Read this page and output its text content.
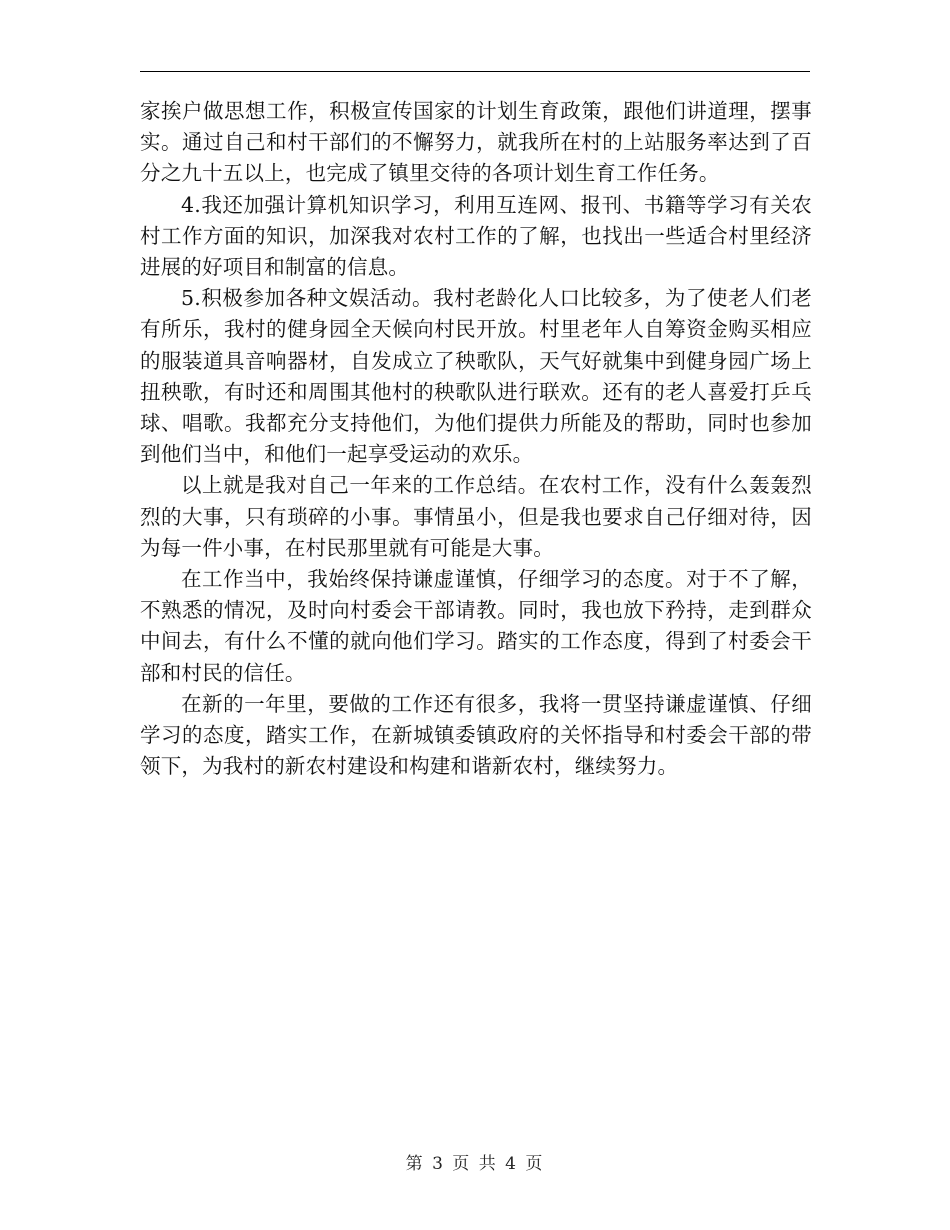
家挨户做思想工作，积极宣传国家的计划生育政策，跟他们讲道理，摆事实。通过自己和村干部们的不懈努力，就我所在村的上站服务率达到了百分之九十五以上，也完成了镇里交待的各项计划生育工作任务。

4.我还加强计算机知识学习，利用互连网、报刊、书籍等学习有关农村工作方面的知识，加深我对农村工作的了解，也找出一些适合村里经济进展的好项目和制富的信息。

5.积极参加各种文娱活动。我村老龄化人口比较多，为了使老人们老有所乐，我村的健身园全天候向村民开放。村里老年人自筹资金购买相应的服装道具音响器材，自发成立了秧歌队，天气好就集中到健身园广场上扭秧歌，有时还和周围其他村的秧歌队进行联欢。还有的老人喜爱打乒乓球、唱歌。我都充分支持他们，为他们提供力所能及的帮助，同时也参加到他们当中，和他们一起享受运动的欢乐。

以上就是我对自己一年来的工作总结。在农村工作，没有什么轰轰烈烈的大事，只有琐碎的小事。事情虽小，但是我也要求自己仔细对待，因为每一件小事，在村民那里就有可能是大事。

在工作当中，我始终保持谦虚谨慎，仔细学习的态度。对于不了解，不熟悉的情况，及时向村委会干部请教。同时，我也放下矜持，走到群众中间去，有什么不懂的就向他们学习。踏实的工作态度，得到了村委会干部和村民的信任。

在新的一年里，要做的工作还有很多，我将一贯坚持谦虚谨慎、仔细学习的态度，踏实工作，在新城镇委镇政府的关怀指导和村委会干部的带领下，为我村的新农村建设和构建和谐新农村，继续努力。

第 3 页 共 4 页
